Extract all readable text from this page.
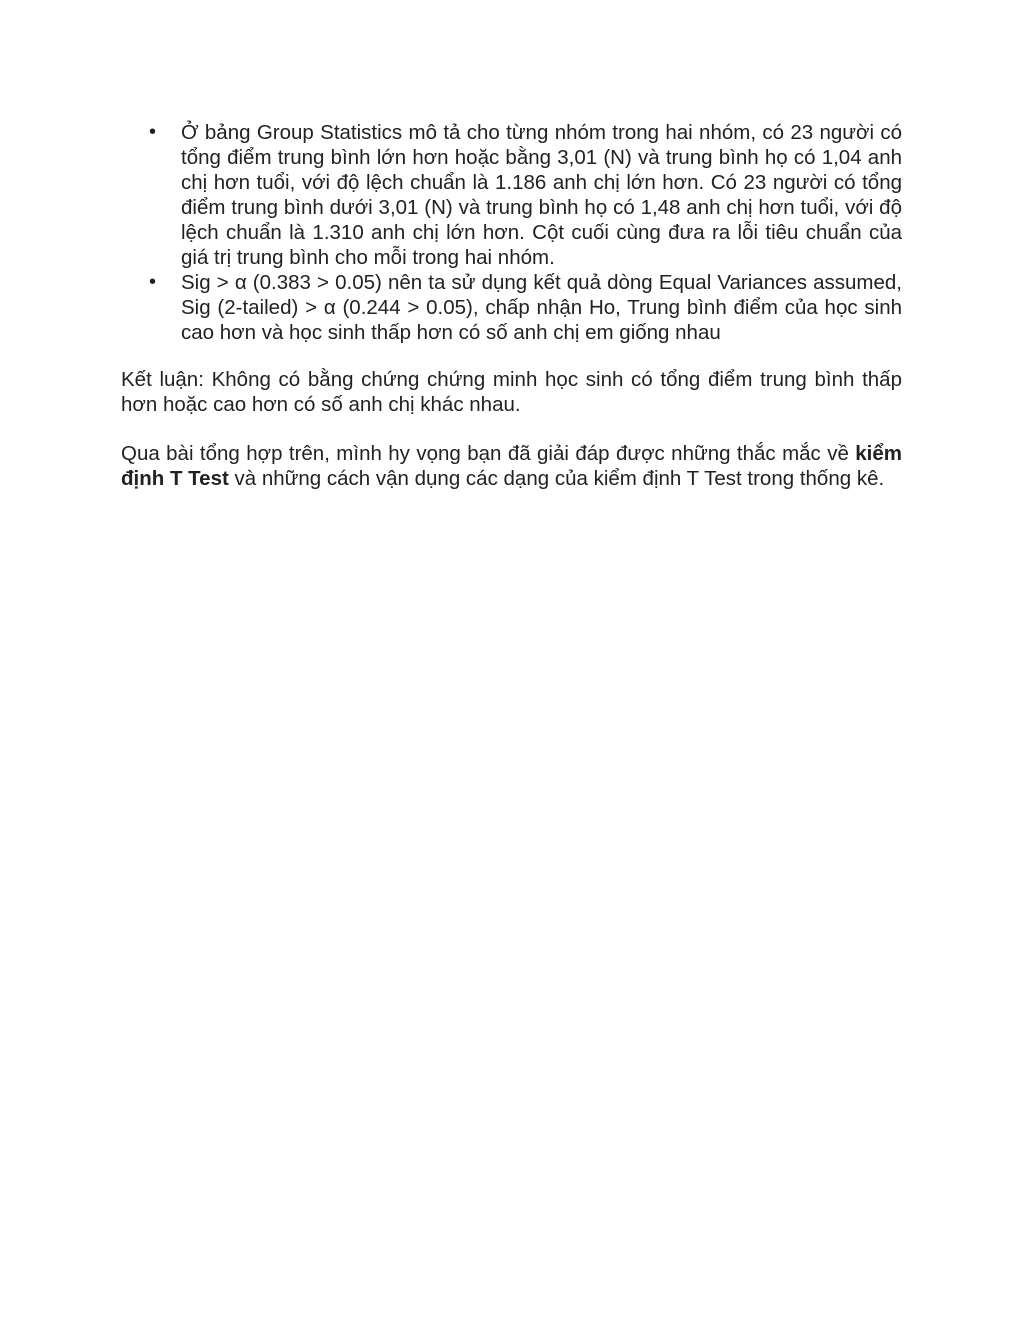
• Ở bảng Group Statistics mô tả cho từng nhóm trong hai nhóm, có 23 người có tổng điểm trung bình lớn hơn hoặc bằng 3,01 (N) và trung bình họ có 1,04 anh chị hơn tuổi, với độ lệch chuẩn là 1.186 anh chị lớn hơn. Có 23 người có tổng điểm trung bình dưới 3,01 (N) và trung bình họ có 1,48 anh chị hơn tuổi, với độ lệch chuẩn là 1.310 anh chị lớn hơn. Cột cuối cùng đưa ra lỗi tiêu chuẩn của giá trị trung bình cho mỗi trong hai nhóm.
• Sig > α (0.383 > 0.05) nên ta sử dụng kết quả dòng Equal Variances assumed, Sig (2-tailed) > α (0.244 > 0.05), chấp nhận Ho, Trung bình điểm của học sinh cao hơn và học sinh thấp hơn có số anh chị em giống nhau

Kết luận: Không có bằng chứng chứng minh học sinh có tổng điểm trung bình thấp hơn hoặc cao hơn có số anh chị khác nhau.

Qua bài tổng hợp trên, mình hy vọng bạn đã giải đáp được những thắc mắc về kiểm định T Test và những cách vận dụng các dạng của kiểm định T Test trong thống kê.
